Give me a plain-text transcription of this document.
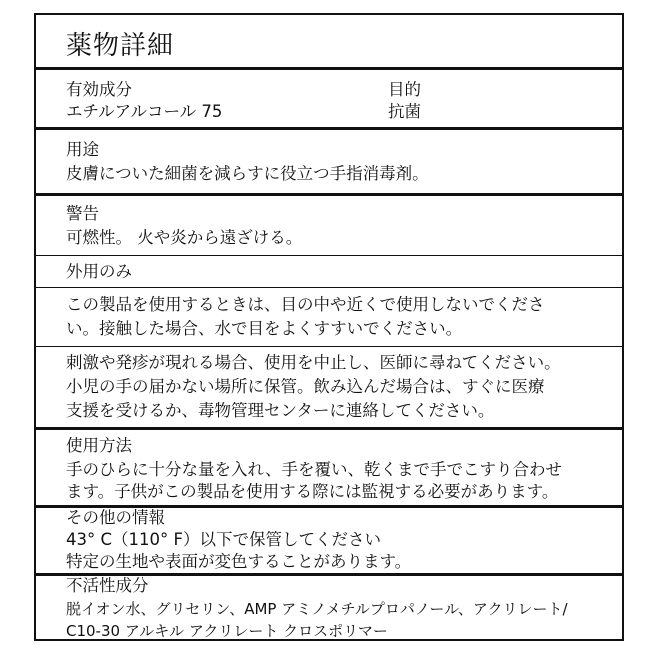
薬物詳細
有効成分	目的
エチルアルコール 75	抗菌
用途
皮膚についた細菌を減らすに役立つ手指消毒剤。
警告
可燃性。 火や炎から遠ざける。
外用のみ
この製品を使用するときは、目の中や近くで使用しないでくださ
い。接触した場合、水で目をよくすすいでください。
刺激や発疹が現れる場合、使用を中止し、医師に尋ねてください。
小児の手の届かない場所に保管。飲み込んだ場合は、すぐに医療
支援を受けるか、毒物管理センターに連絡してください。
使用方法
手のひらに十分な量を入れ、手を覆い、乾くまで手でこすり合わせ
ます。子供がこの製品を使用する際には監視する必要があります。
その他の情報
43° C（110° F）以下で保管してください
特定の生地や表面が変色することがあります。
不活性成分
脱イオン水、グリセリン、AMP アミノメチルプロパノール、アクリレート/
C10-30 アルキル アクリレート クロスポリマー
